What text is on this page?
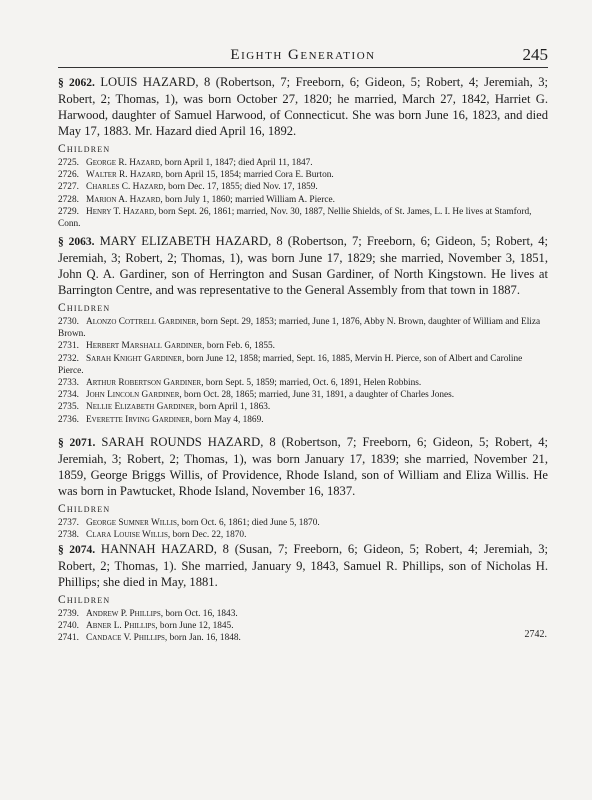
Eighth Generation	245

§ 2062. LOUIS HAZARD, 8 (Robertson, 7; Freeborn, 6; Gideon, 5; Robert, 4; Jeremiah, 3; Robert, 2; Thomas, 1), was born October 27, 1820; he married, March 27, 1842, Harriet G. Harwood, daughter of Samuel Harwood, of Connecticut. She was born June 16, 1823, and died May 17, 1883. Mr. Hazard died April 16, 1892.

Children
2725. George R. Hazard, born April 1, 1847; died April 11, 1847.
2726. Walter R. Hazard, born April 15, 1854; married Cora E. Burton.
2727. Charles C. Hazard, born Dec. 17, 1855; died Nov. 17, 1859.
2728. Marion A. Hazard, born July 1, 1860; married William A. Pierce.
2729. Henry T. Hazard, born Sept. 26, 1861; married, Nov. 30, 1887, Nellie Shields, of St. James, L. I. He lives at Stamford, Conn.

§ 2063. MARY ELIZABETH HAZARD, 8 (Robertson, 7; Freeborn, 6; Gideon, 5; Robert, 4; Jeremiah, 3; Robert, 2; Thomas, 1), was born June 17, 1829; she married, November 3, 1851, John Q. A. Gardiner, son of Herrington and Susan Gardiner, of North Kingstown. He lives at Barrington Centre, and was representative to the General Assembly from that town in 1887.

Children
2730. Alonzo Cottrell Gardiner, born Sept. 29, 1853; married, June 1, 1876, Abby N. Brown, daughter of William and Eliza Brown.
2731. Herbert Marshall Gardiner, born Feb. 6, 1855.
2732. Sarah Knight Gardiner, born June 12, 1858; married, Sept. 16, 1885, Mervin H. Pierce, son of Albert and Caroline Pierce.
2733. Arthur Robertson Gardiner, born Sept. 5, 1859; married, Oct. 6, 1891, Helen Robbins.
2734. John Lincoln Gardiner, born Oct. 28, 1865; married, June 31, 1891, a daughter of Charles Jones.
2735. Nellie Elizabeth Gardiner, born April 1, 1863.
2736. Everette Irving Gardiner, born May 4, 1869.

§ 2071. SARAH ROUNDS HAZARD, 8 (Robertson, 7; Freeborn, 6; Gideon, 5; Robert, 4; Jeremiah, 3; Robert, 2; Thomas, 1), was born January 17, 1839; she married, November 21, 1859, George Briggs Willis, of Providence, Rhode Island, son of William and Eliza Willis. He was born in Pawtucket, Rhode Island, November 16, 1837.

Children
2737. George Sumner Willis, born Oct. 6, 1861; died June 5, 1870.
2738. Clara Louise Willis, born Dec. 22, 1870.

§ 2074. HANNAH HAZARD, 8 (Susan, 7; Freeborn, 6; Gideon, 5; Robert, 4; Jeremiah, 3; Robert, 2; Thomas, 1). She married, January 9, 1843, Samuel R. Phillips, son of Nicholas H. Phillips; she died in May, 1881.

Children
2739. Andrew P. Phillips, born Oct. 16, 1843.
2740. Abner L. Phillips, born June 12, 1845.
2741. Candace V. Phillips, born Jan. 16, 1848.	2742.
